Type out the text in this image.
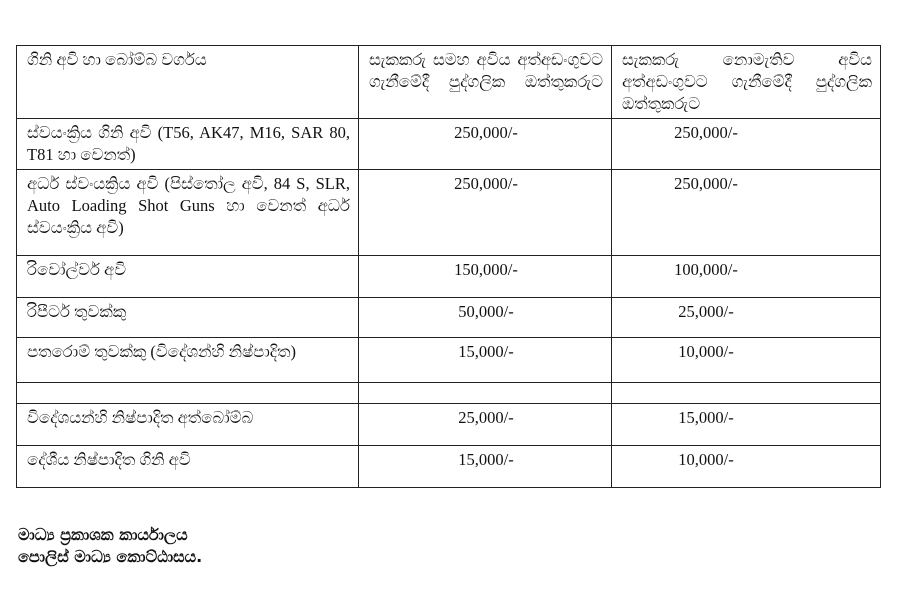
ගිනි අවි හා බෝම්බ වර්ගය	සැකකරු සමහ අවිය අත්අඩංගුවට ගැනීමේදී පුද්ගලික ඔත්තුකරුට	සැකකරු නොමැතිව අවිය අත්අඩංගුවට ගැනීමේදී පුද්ගලික ඔත්තුකරුට
ස්වයංක්‍රිය ගිනි අවි (T56, AK47, M16, SAR 80, T81 හා වෙනත්)	250,000/-	250,000/-
අර්ධ ස්වංයක්‍රිය අවි (පිස්තෝල අවි, 84 S, SLR, Auto Loading Shot Guns හා වෙනත් අර්ධ ස්වයංක්‍රිය අවි)	250,000/-	250,000/-
රිවෝල්වර් අවි	150,000/-	100,000/-
රිපීටර් තුවක්කු	50,000/-	25,000/-
පතරොම් තුවක්කු (විදේශන්හි නිෂ්පාදිත)	15,000/-	10,000/-

විදේශයන්හි නිෂ්පාදිත අත්බෝම්බ	25,000/-	15,000/-
දේශීය නිෂ්පාදිත ගිනි අවි	15,000/-	10,000/-
මාධ්‍ය ප්‍රකාශක කාර්යාලය
පොලිස් මාධ්‍ය කොට්ඨාසය.
